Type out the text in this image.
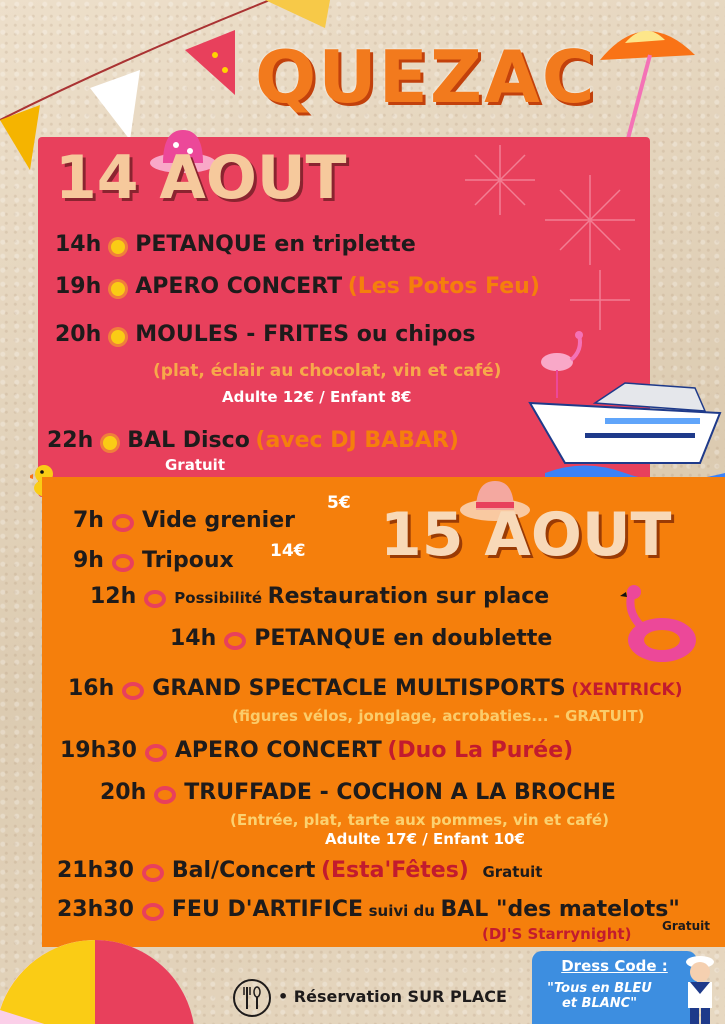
QUEZAC
14 AOUT
14h PETANQUE en triplette
19h APERO CONCERT (Les Potos Feu)
20h MOULES - FRITES ou chipos
(plat, éclair au chocolat, vin et café)
Adulte 12€ / Enfant 8€
22h BAL Disco (avec DJ BABAR)
Gratuit
15 AOUT
7h Vide grenier
5€
9h Tripoux 14€
12h	Possibilité Restauration sur place
14h PETANQUE en doublette
16h GRAND SPECTACLE MULTISPORTS (XENTRICK)
(figures vélos, jonglage, acrobaties... - GRATUIT)
19h30 APERO CONCERT (Duo La Purée)
20h TRUFFADE - COCHON A LA BROCHE
(Entrée, plat, tarte aux pommes, vin et café)
Adulte 17€ / Enfant 10€
21h30 Bal/Concert (Esta'Fêtes) Gratuit
23h30 FEU D'ARTIFICE suivi du BAL "des matelots"
Gratuit
(DJ'S Starrynight)
• Réservation SUR PLACE
Dress Code :
"Tous en BLEU
et BLANC"
